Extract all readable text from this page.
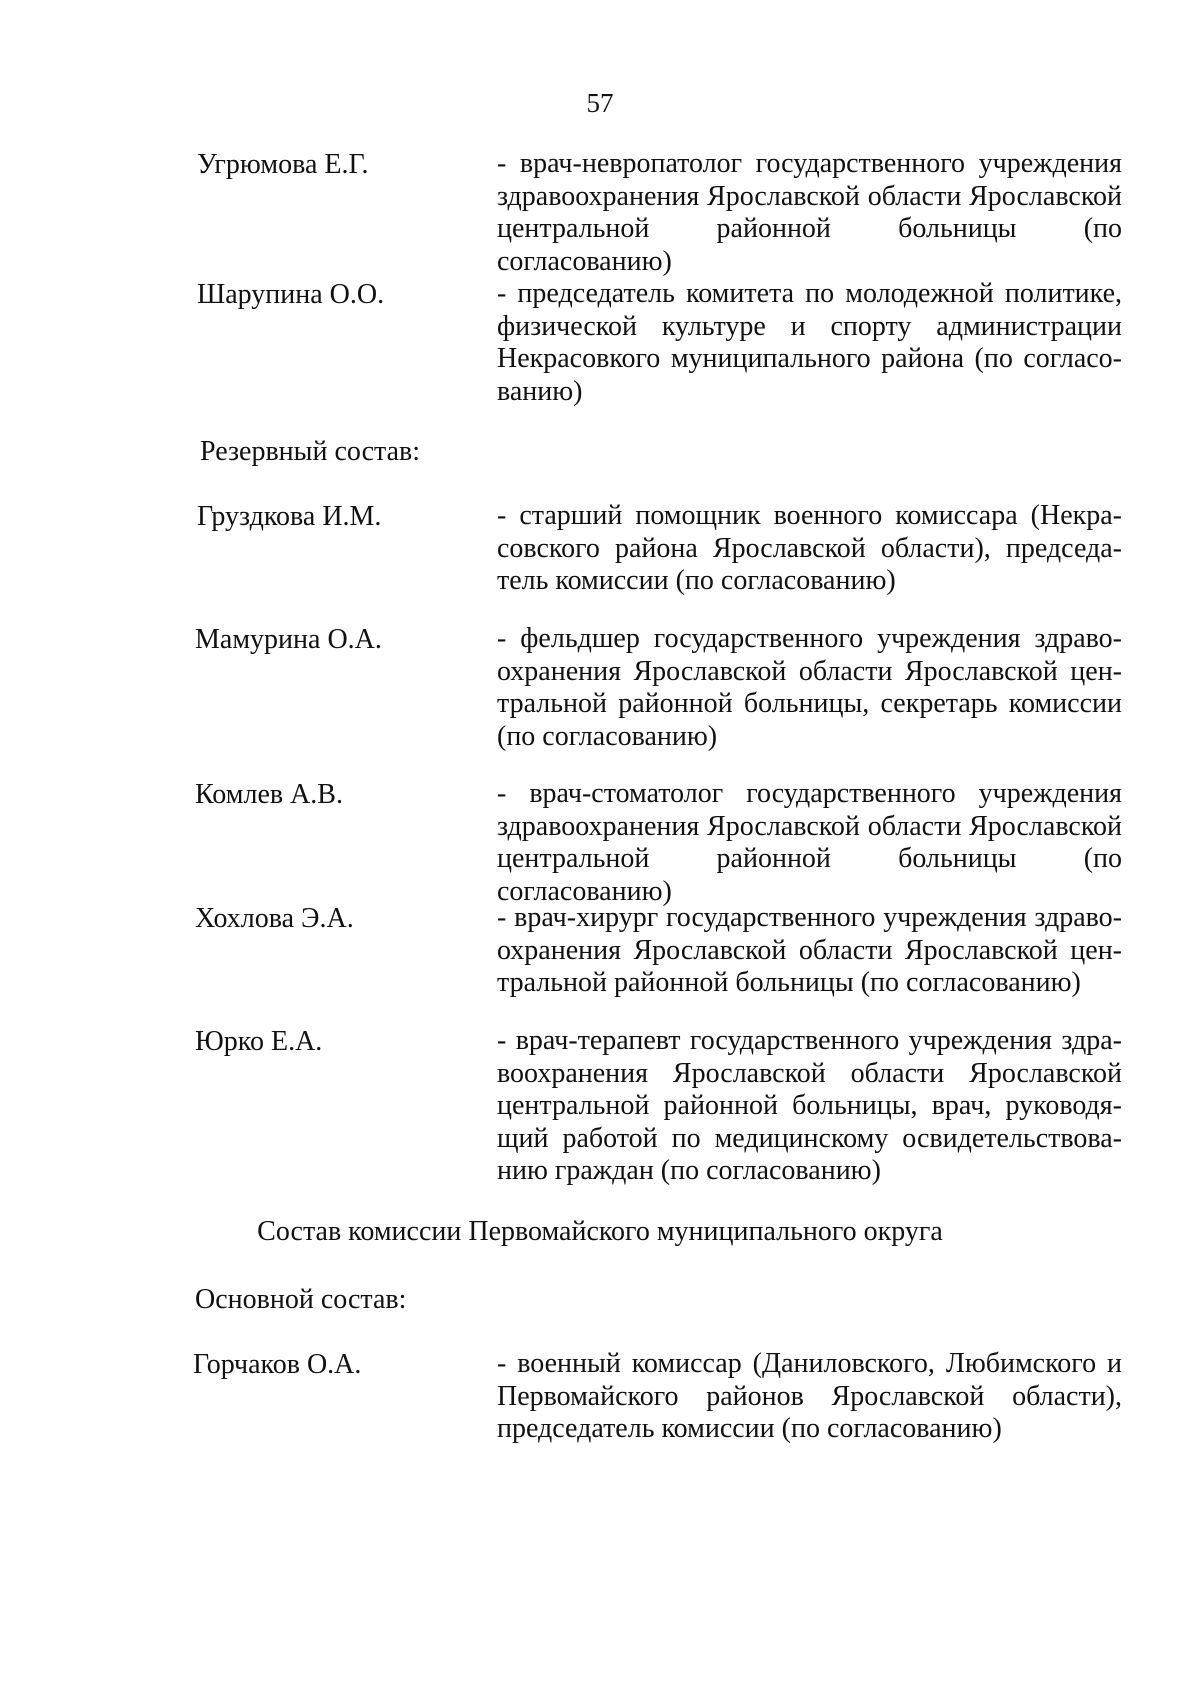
57
Угрюмова Е.Г.	- врач-невропатолог государственного учреждения здравоохранения Ярославской области Ярославской центральной районной больницы (по согласованию)
Шарупина О.О.	- председатель комитета по молодежной политике, физической культуре и спорту администрации Некрасовкого муниципального района (по согласо-ванию)
Резервный состав:
Груздкова И.М.	- старший помощник военного комиссара (Некра-совского района Ярославской области), председа-тель комиссии (по согласованию)
Мамурина О.А.	- фельдшер государственного учреждения здраво-охранения Ярославской области Ярославской цен-тральной районной больницы, секретарь комиссии (по согласованию)
Комлев А.В.	- врач-стоматолог государственного учреждения здравоохранения Ярославской области Ярославской центральной районной больницы (по согласованию)
Хохлова Э.А.	- врач-хирург государственного учреждения здраво-охранения Ярославской области Ярославской цен-тральной районной больницы (по согласованию)
Юрко Е.А.	- врач-терапевт государственного учреждения здра-воохранения Ярославской области Ярославской центральной районной больницы, врач, руководя-щий работой по медицинскому освидетельствова-нию граждан (по согласованию)
Состав комиссии Первомайского муниципального округа
Основной состав:
Горчаков О.А.	- военный комиссар (Даниловского, Любимского и Первомайского районов Ярославской области), председатель комиссии (по согласованию)
